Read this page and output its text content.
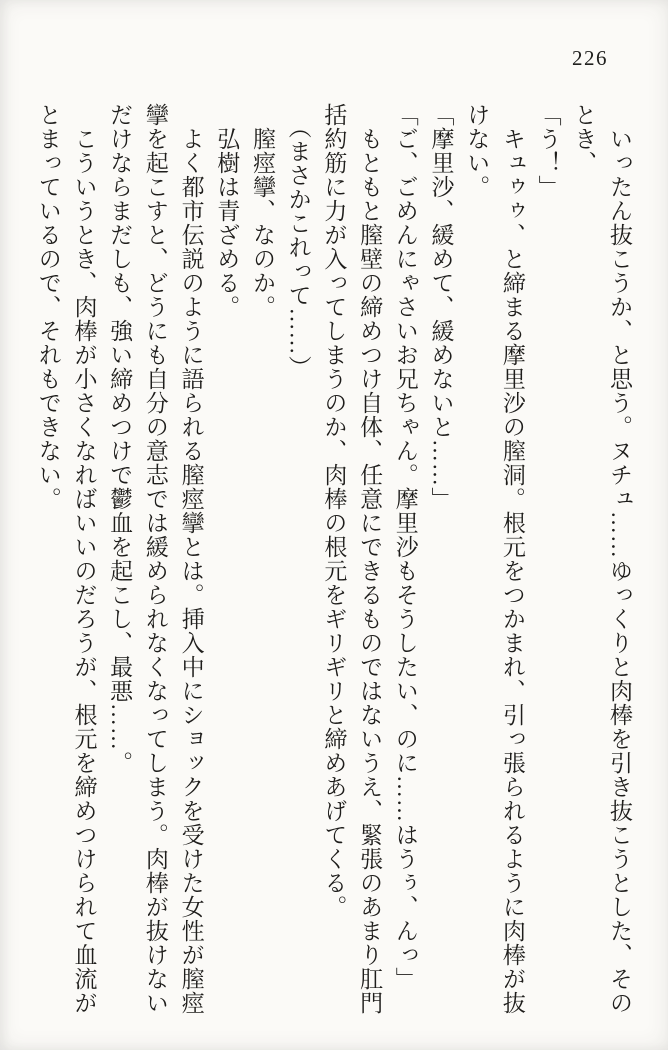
226
　いったん抜こうか、と思う。ヌチュ……ゆっくりと肉棒を引き抜こうとした、その
とき、
「う！」
　キュゥゥ、と締まる摩里沙の膣洞。根元をつかまれ、引っ張られるように肉棒が抜
けない。
「摩里沙、緩めて、緩めないと……」
「ご、ごめんにゃさいお兄ちゃん。摩里沙もそうしたい、のに……はうぅ、んっ」
　もともと膣壁の締めつけ自体、任意にできるものではないうえ、緊張のあまり肛門
括約筋に力が入ってしまうのか、肉棒の根元をギリギリと締めあげてくる。
　（まさかこれって……）
　膣痙攣、なのか。
　弘樹は青ざめる。
　よく都市伝説のように語られる膣痙攣とは。挿入中にショックを受けた女性が膣痙
攣を起こすと、どうにも自分の意志では緩められなくなってしまう。肉棒が抜けない
だけならまだしも、強い締めつけで鬱血を起こし、最悪……。
　こういうとき、肉棒が小さくなればいいのだろうが、根元を締めつけられて血流が
とまっているので、それもできない。
